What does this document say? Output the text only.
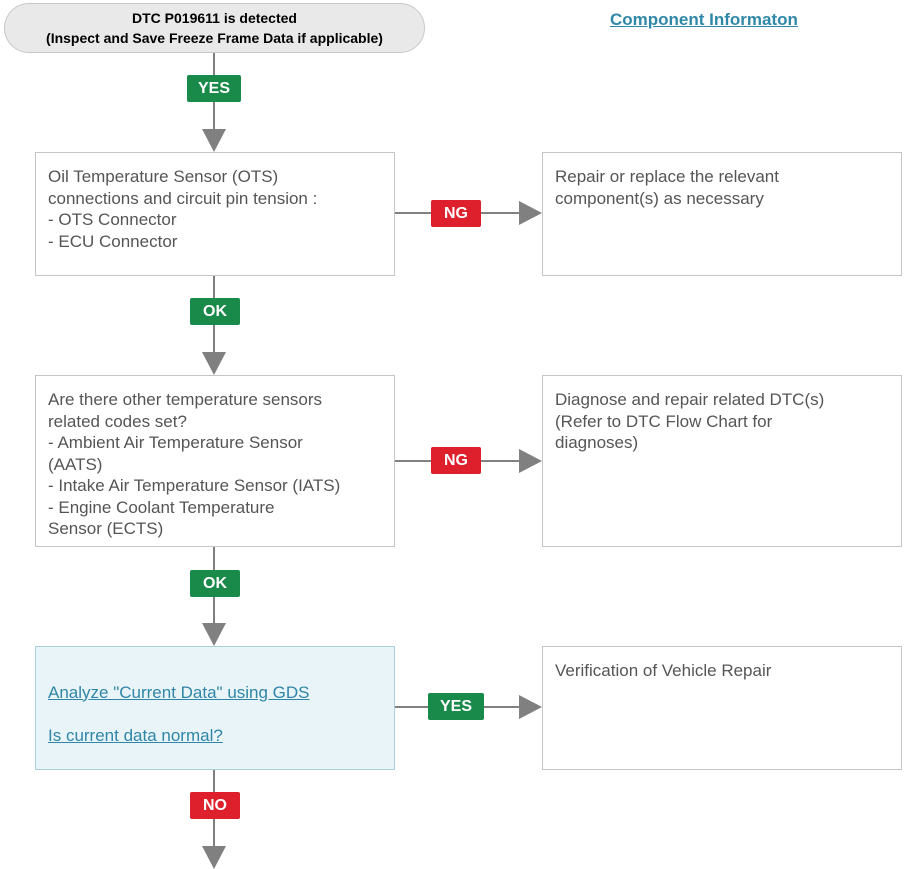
DTC P019611 is detected
(Inspect and Save Freeze Frame Data if applicable)
Component Informaton
YES
OK
NG
OK
NG
YES
NO
Oil Temperature Sensor (OTS)
connections and circuit pin tension :
- OTS Connector
- ECU Connector
Repair or replace the relevant
component(s) as necessary
Are there other temperature sensors
related codes set?
- Ambient Air Temperature Sensor
(AATS)
- Intake Air Temperature Sensor (IATS)
- Engine Coolant Temperature
Sensor (ECTS)
Diagnose and repair related DTC(s)
(Refer to DTC Flow Chart for
diagnoses)

Analyze "Current Data" using GDS

Is current data normal?

Verification of Vehicle Repair
